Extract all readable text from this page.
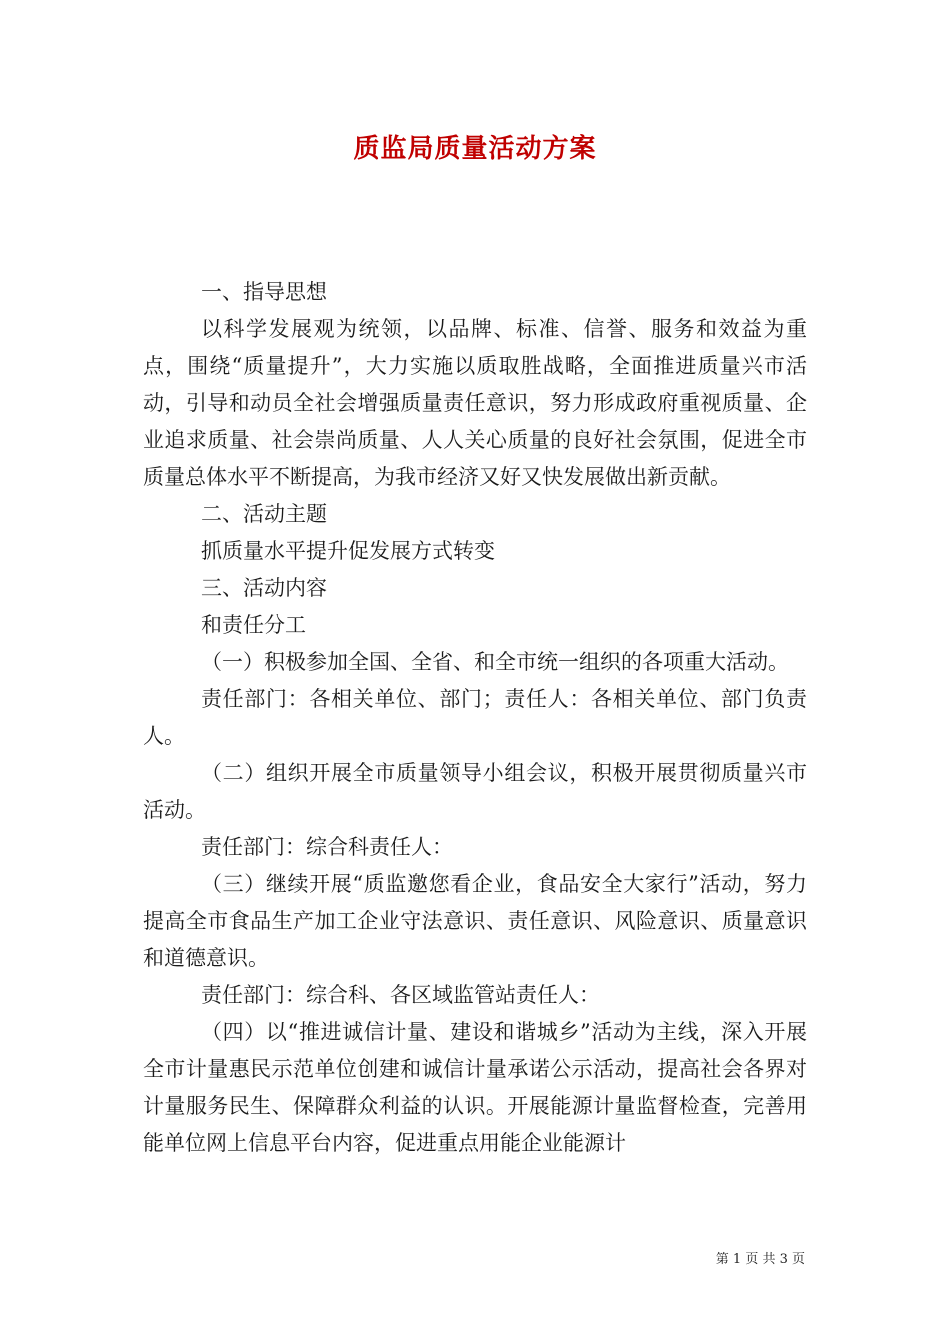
质监局质量活动方案

一、指导思想

以科学发展观为统领，以品牌、标准、信誉、服务和效益为重点，围绕“质量提升”，大力实施以质取胜战略，全面推进质量兴市活动，引导和动员全社会增强质量责任意识，努力形成政府重视质量、企业追求质量、社会崇尚质量、人人关心质量的良好社会氛围，促进全市质量总体水平不断提高，为我市经济又好又快发展做出新贡献。

二、活动主题

抓质量水平提升促发展方式转变

三、活动内容

和责任分工

（一）积极参加全国、全省、和全市统一组织的各项重大活动。

责任部门：各相关单位、部门；责任人：各相关单位、部门负责人。

（二）组织开展全市质量领导小组会议，积极开展贯彻质量兴市活动。

责任部门：综合科责任人：

（三）继续开展“质监邀您看企业，食品安全大家行”活动，努力提高全市食品生产加工企业守法意识、责任意识、风险意识、质量意识和道德意识。

责任部门：综合科、各区域监管站责任人：

（四）以“推进诚信计量、建设和谐城乡”活动为主线，深入开展全市计量惠民示范单位创建和诚信计量承诺公示活动，提高社会各界对计量服务民生、保障群众利益的认识。开展能源计量监督检查，完善用能单位网上信息平台内容，促进重点用能企业能源计

第 1 页 共 3 页
